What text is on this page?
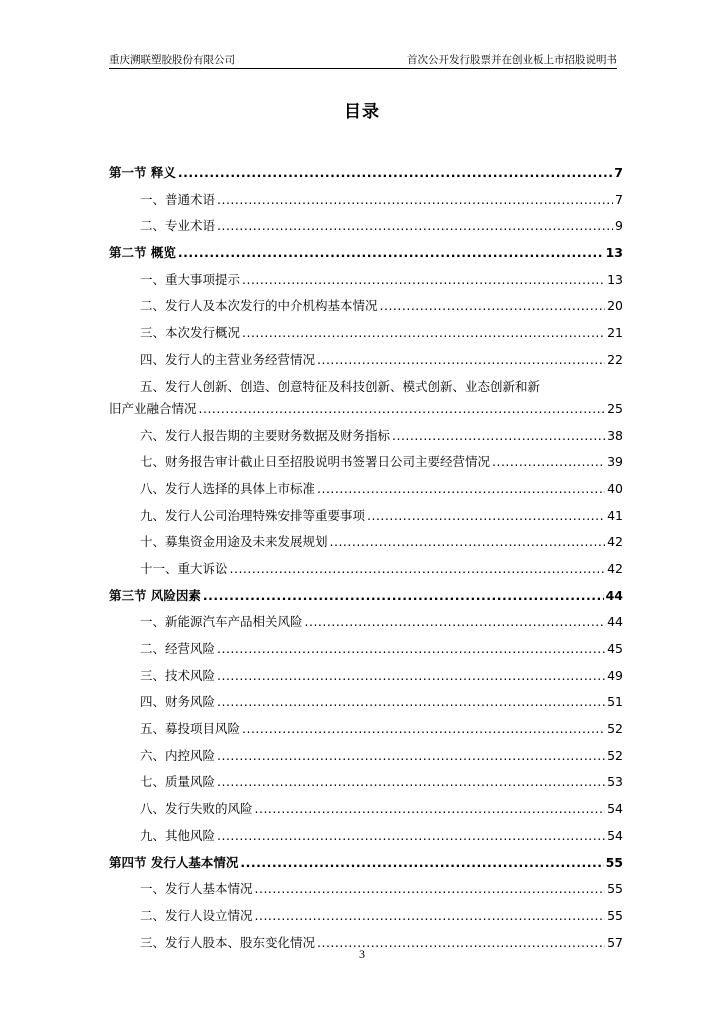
重庆溯联塑胶股份有限公司	首次公开发行股票并在创业板上市招股说明书
目录
第一节 释义 .....	7
一、普通术语 .....	7
二、专业术语 .....	9
第二节 概览 .....	13
一、重大事项提示 .....	13
二、发行人及本次发行的中介机构基本情况 .....	20
三、本次发行概况 .....	21
四、发行人的主营业务经营情况 .....	22
五、发行人创新、创造、创意特征及科技创新、模式创新、业态创新和新
旧产业融合情况 .....	25
六、发行人报告期的主要财务数据及财务指标 .....	38
七、财务报告审计截止日至招股说明书签署日公司主要经营情况 .....	39
八、发行人选择的具体上市标准 .....	40
九、发行人公司治理特殊安排等重要事项 .....	41
十、募集资金用途及未来发展规划 .....	42
十一、重大诉讼 .....	42
第三节 风险因素 .....	44
一、新能源汽车产品相关风险 .....	44
二、经营风险 .....	45
三、技术风险 .....	49
四、财务风险 .....	51
五、募投项目风险 .....	52
六、内控风险 .....	52
七、质量风险 .....	53
八、发行失败的风险 .....	54
九、其他风险 .....	54
第四节 发行人基本情况 .....	55
一、发行人基本情况 .....	55
二、发行人设立情况 .....	55
三、发行人股本、股东变化情况 .....	57
3
